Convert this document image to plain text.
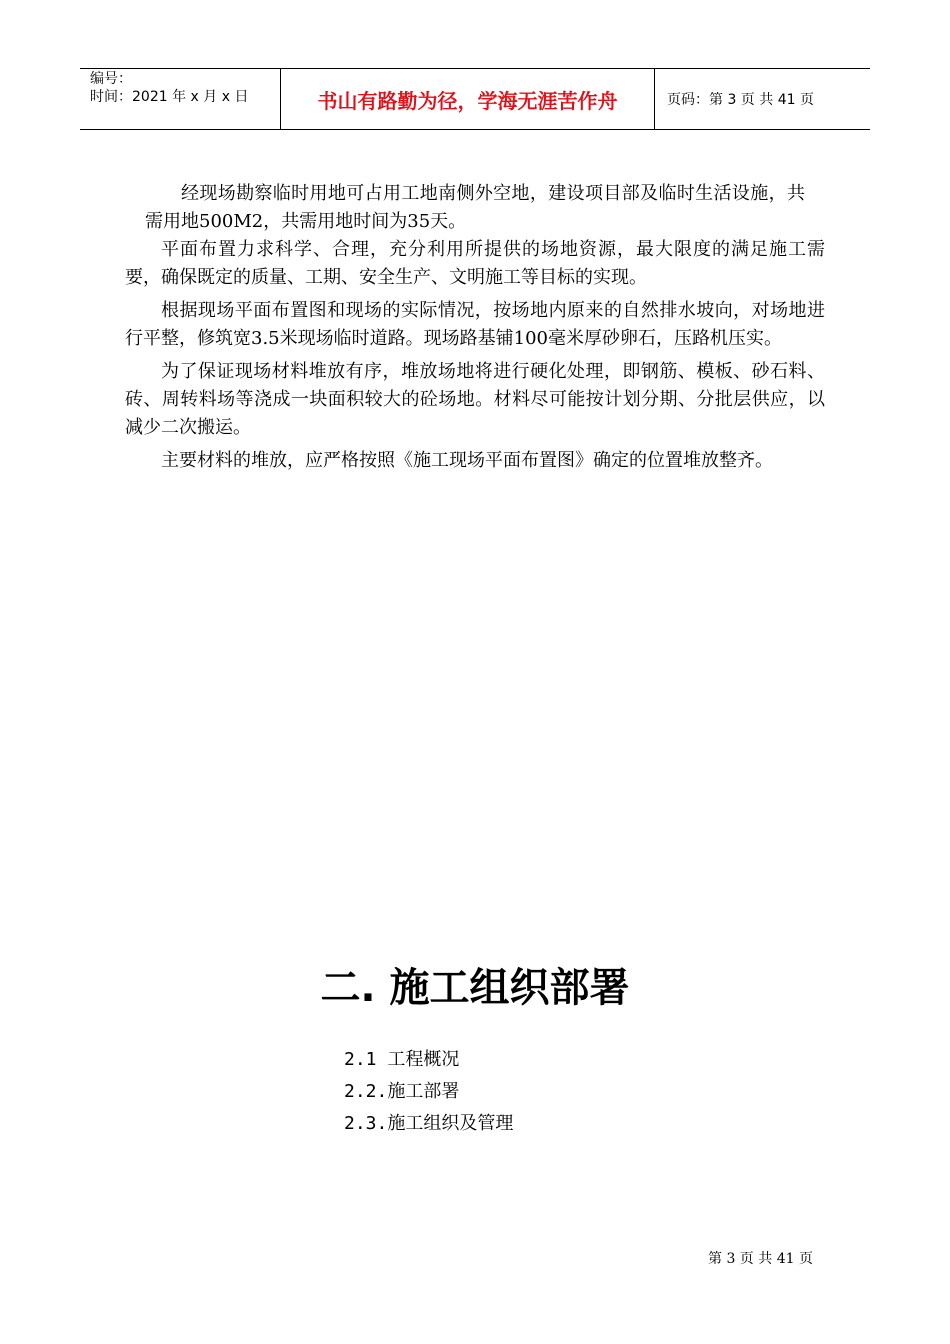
编号：
时间：2021 年 x 月 x 日	书山有路勤为径，学海无涯苦作舟	页码：第 3 页 共 41 页

经现场勘察临时用地可占用工地南侧外空地，建设项目部及临时生活设施，共需用地500M2，共需用地时间为35天。

平面布置力求科学、合理，充分利用所提供的场地资源，最大限度的满足施工需要，确保既定的质量、工期、安全生产、文明施工等目标的实现。

根据现场平面布置图和现场的实际情况，按场地内原来的自然排水坡向，对场地进行平整，修筑宽3.5米现场临时道路。现场路基铺100毫米厚砂卵石，压路机压实。

为了保证现场材料堆放有序，堆放场地将进行硬化处理，即钢筋、模板、砂石料、砖、周转料场等浇成一块面积较大的砼场地。材料尽可能按计划分期、分批层供应，以减少二次搬运。

主要材料的堆放，应严格按照《施工现场平面布置图》确定的位置堆放整齐。

二. 施工组织部署
2.1 工程概况
2.2.施工部署
2.3.施工组织及管理
第 3 页 共 41 页
